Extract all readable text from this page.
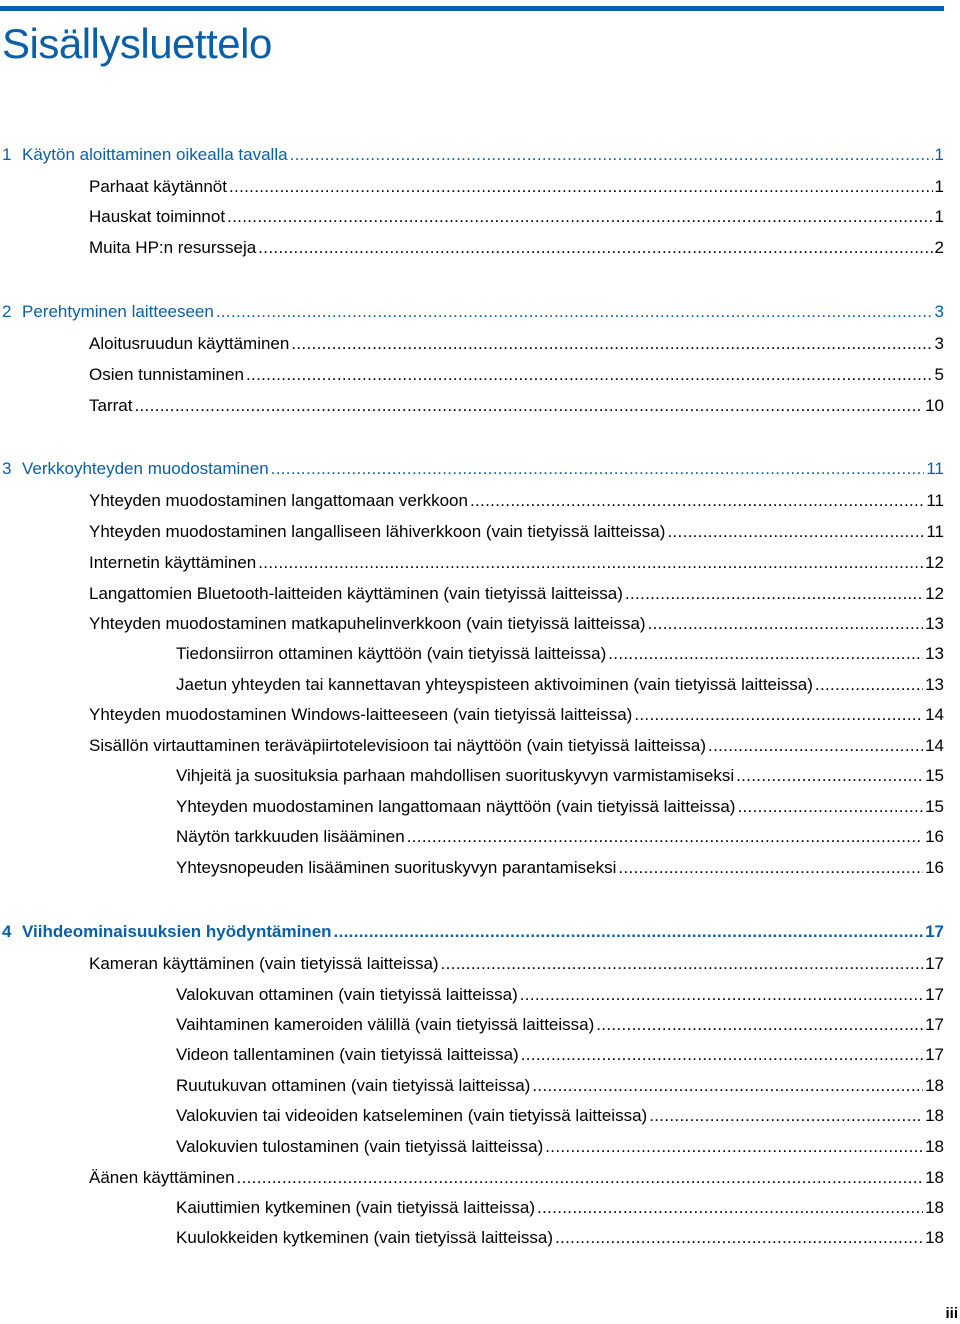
Sisällysluettelo
1 Käytön aloittaminen oikealla tavalla . . .	1
Parhaat käytännöt . . .	1
Hauskat toiminnot . . .	1
Muita HP:n resursseja . . .	2
2 Perehtyminen laitteeseen . . .	3
Aloitusruudun käyttäminen . . .	3
Osien tunnistaminen . . .	5
Tarrat . . .	10
3 Verkkoyhteyden muodostaminen . . .	11
Yhteyden muodostaminen langattomaan verkkoon . . .	11
Yhteyden muodostaminen langalliseen lähiverkkoon (vain tietyissä laitteissa) . . .	11
Internetin käyttäminen . . .	12
Langattomien Bluetooth-laitteiden käyttäminen (vain tietyissä laitteissa) . . .	12
Yhteyden muodostaminen matkapuhelinverkkoon (vain tietyissä laitteissa) . . .	13
Tiedonsiirron ottaminen käyttöön (vain tietyissä laitteissa) . . .	13
Jaetun yhteyden tai kannettavan yhteyspisteen aktivoiminen (vain tietyissä laitteissa) . . .	13
Yhteyden muodostaminen Windows-laitteeseen (vain tietyissä laitteissa) . . .	14
Sisällön virtauttaminen teräväpiirtotelevisioon tai näyttöön (vain tietyissä laitteissa) . . .	14
Vihjeitä ja suosituksia parhaan mahdollisen suorituskyvyn varmistamiseksi . . .	15
Yhteyden muodostaminen langattomaan näyttöön (vain tietyissä laitteissa) . . .	15
Näytön tarkkuuden lisääminen . . .	16
Yhteysnopeuden lisääminen suorituskyvyn parantamiseksi . . .	16
4 Viihdeominaisuuksien hyödyntäminen . . .	17
Kameran käyttäminen (vain tietyissä laitteissa) . . .	17
Valokuvan ottaminen (vain tietyissä laitteissa) . . .	17
Vaihtaminen kameroiden välillä (vain tietyissä laitteissa) . . .	17
Videon tallentaminen (vain tietyissä laitteissa) . . .	17
Ruutukuvan ottaminen (vain tietyissä laitteissa) . . .	18
Valokuvien tai videoiden katseleminen (vain tietyissä laitteissa) . . .	18
Valokuvien tulostaminen (vain tietyissä laitteissa) . . .	18
Äänen käyttäminen . . .	18
Kaiuttimien kytkeminen (vain tietyissä laitteissa) . . .	18
Kuulokkeiden kytkeminen (vain tietyissä laitteissa) . . .	18
iii
